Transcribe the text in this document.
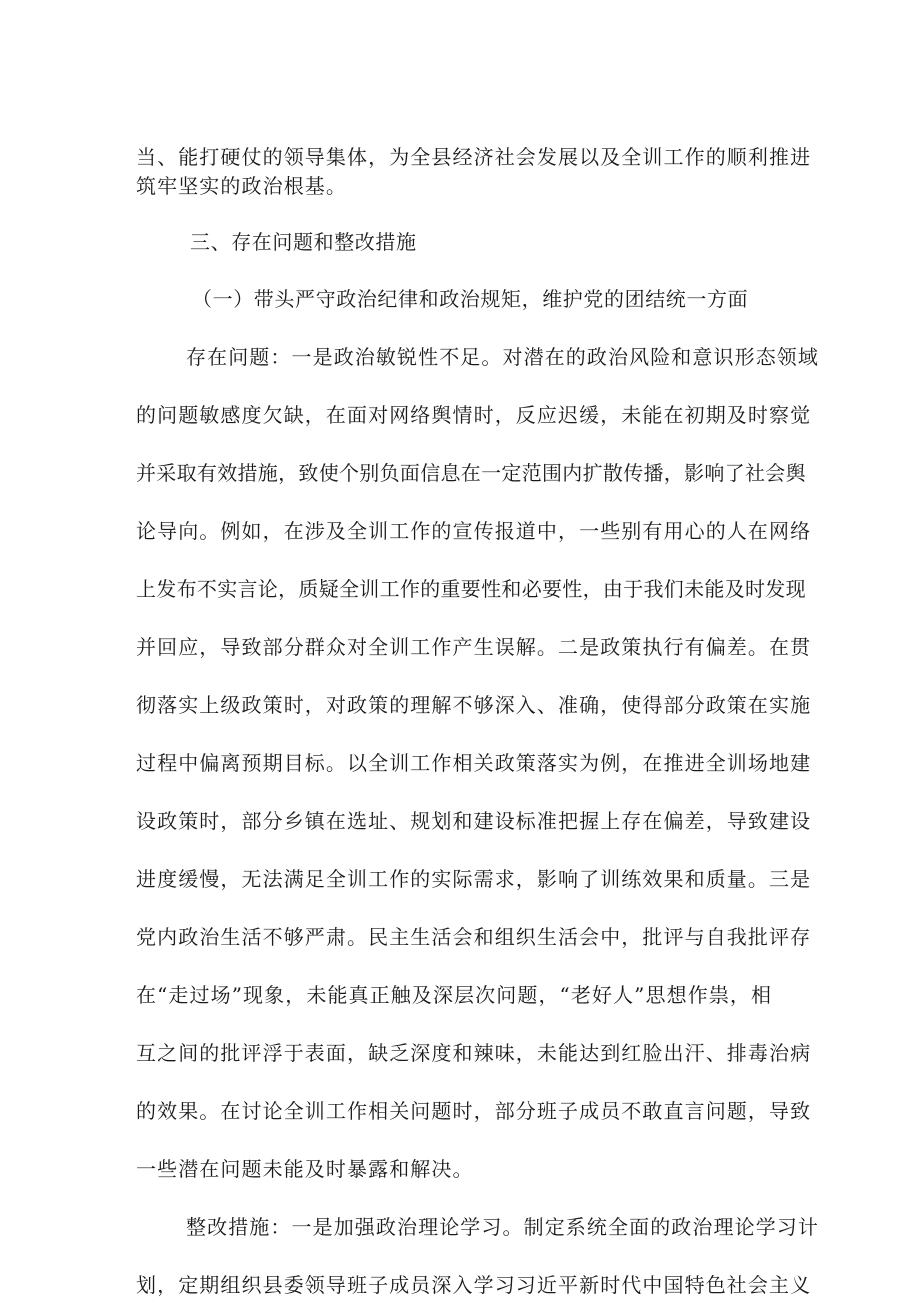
当、能打硬仗的领导集体，为全县经济社会发展以及全训工作的顺利推进
筑牢坚实的政治根基。
三、存在问题和整改措施
（一）带头严守政治纪律和政治规矩，维护党的团结统一方面
存在问题：一是政治敏锐性不足。对潜在的政治风险和意识形态领域
的问题敏感度欠缺，在面对网络舆情时，反应迟缓，未能在初期及时察觉
并采取有效措施，致使个别负面信息在一定范围内扩散传播，影响了社会舆
论导向。例如，在涉及全训工作的宣传报道中，一些别有用心的人在网络
上发布不实言论，质疑全训工作的重要性和必要性，由于我们未能及时发现
并回应，导致部分群众对全训工作产生误解。二是政策执行有偏差。在贯
彻落实上级政策时，对政策的理解不够深入、准确，使得部分政策在实施
过程中偏离预期目标。以全训工作相关政策落实为例，在推进全训场地建
设政策时，部分乡镇在选址、规划和建设标准把握上存在偏差，导致建设
进度缓慢，无法满足全训工作的实际需求，影响了训练效果和质量。三是
党内政治生活不够严肃。民主生活会和组织生活会中，批评与自我批评存
在“走过场”现象，未能真正触及深层次问题，“老好人”思想作祟，相
互之间的批评浮于表面，缺乏深度和辣味，未能达到红脸出汗、排毒治病
的效果。在讨论全训工作相关问题时，部分班子成员不敢直言问题，导致
一些潜在问题未能及时暴露和解决。
整改措施：一是加强政治理论学习。制定系统全面的政治理论学习计
划，定期组织县委领导班子成员深入学习习近平新时代中国特色社会主义
